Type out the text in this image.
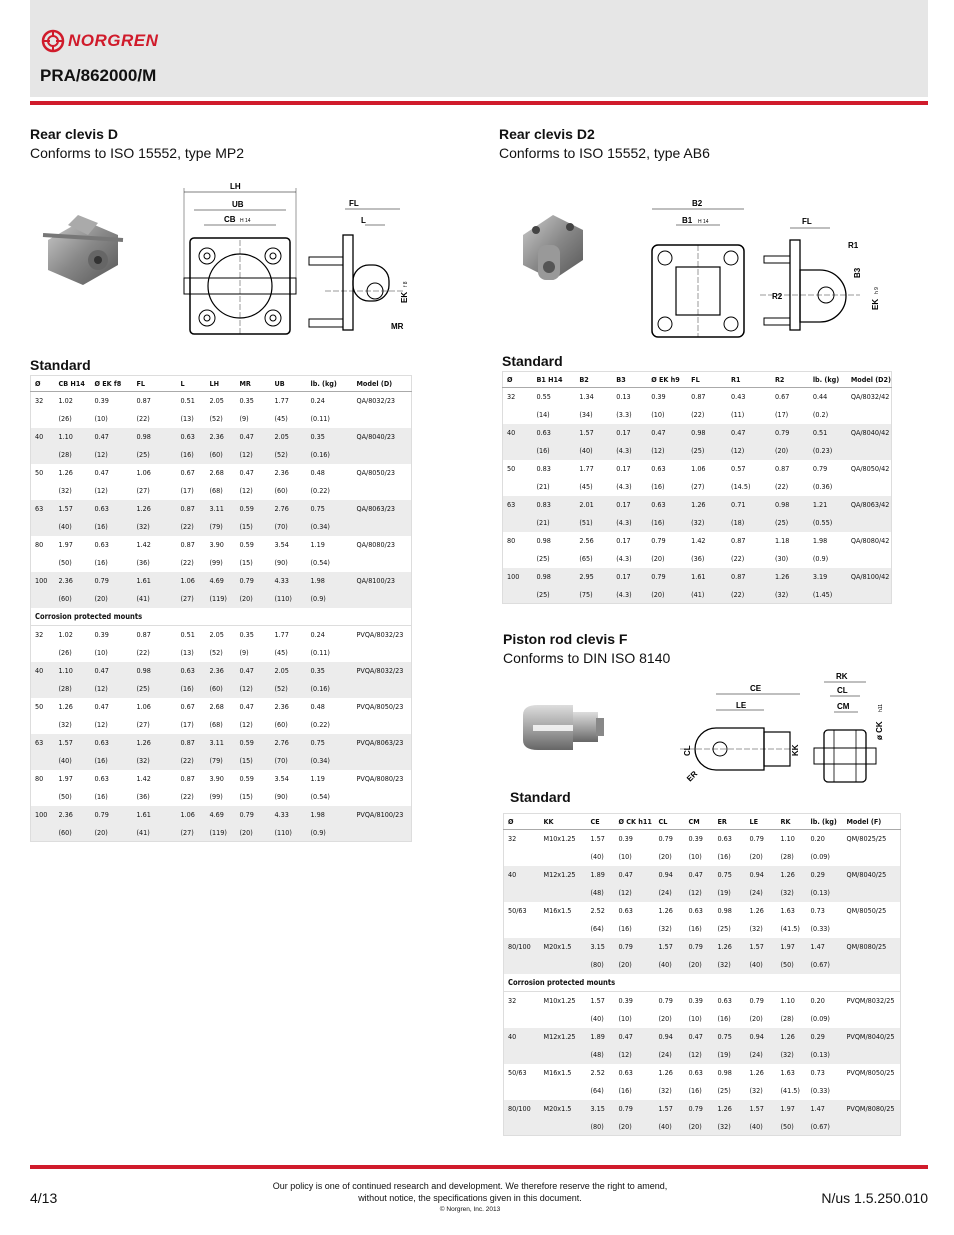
NORGREN
PRA/862000/M
Rear clevis D
Conforms to ISO 15552, type MP2
LH
UB
CB H 14
FL
L
MR
EK
f 8
Standard
Ø	CB H14	Ø EK f8	FL	L	LH	MR	UB	lb. (kg)	Model (D)
32	1.02	0.39	0.87	0.51	2.05	0.35	1.77	0.24	QA/8032/23
	(26)	(10)	(22)	(13)	(52)	(9)	(45)	(0.11)	
40	1.10	0.47	0.98	0.63	2.36	0.47	2.05	0.35	QA/8040/23
	(28)	(12)	(25)	(16)	(60)	(12)	(52)	(0.16)	
50	1.26	0.47	1.06	0.67	2.68	0.47	2.36	0.48	QA/8050/23
	(32)	(12)	(27)	(17)	(68)	(12)	(60)	(0.22)	
63	1.57	0.63	1.26	0.87	3.11	0.59	2.76	0.75	QA/8063/23
	(40)	(16)	(32)	(22)	(79)	(15)	(70)	(0.34)	
80	1.97	0.63	1.42	0.87	3.90	0.59	3.54	1.19	QA/8080/23
	(50)	(16)	(36)	(22)	(99)	(15)	(90)	(0.54)	
100	2.36	0.79	1.61	1.06	4.69	0.79	4.33	1.98	QA/8100/23
	(60)	(20)	(41)	(27)	(119)	(20)	(110)	(0.9)	
Corrosion protected mounts									
32	1.02	0.39	0.87	0.51	2.05	0.35	1.77	0.24	PVQA/8032/23
	(26)	(10)	(22)	(13)	(52)	(9)	(45)	(0.11)	
40	1.10	0.47	0.98	0.63	2.36	0.47	2.05	0.35	PVQA/8032/23
	(28)	(12)	(25)	(16)	(60)	(12)	(52)	(0.16)	
50	1.26	0.47	1.06	0.67	2.68	0.47	2.36	0.48	PVQA/8050/23
	(32)	(12)	(27)	(17)	(68)	(12)	(60)	(0.22)	
63	1.57	0.63	1.26	0.87	3.11	0.59	2.76	0.75	PVQA/8063/23
	(40)	(16)	(32)	(22)	(79)	(15)	(70)	(0.34)	
80	1.97	0.63	1.42	0.87	3.90	0.59	3.54	1.19	PVQA/8080/23
	(50)	(16)	(36)	(22)	(99)	(15)	(90)	(0.54)	
100	2.36	0.79	1.61	1.06	4.69	0.79	4.33	1.98	PVQA/8100/23
	(60)	(20)	(41)	(27)	(119)	(20)	(110)	(0.9)	
Rear clevis D2
Conforms to ISO 15552, type AB6
B2
B1 H 14
R2
FL
R1
B3
EK
h 9
Standard
Ø	B1 H14	B2	B3	Ø EK h9	FL	R1	R2	lb. (kg)	Model (D2)
32	0.55	1.34	0.13	0.39	0.87	0.43	0.67	0.44	QA/8032/42
	(14)	(34)	(3.3)	(10)	(22)	(11)	(17)	(0.2)	
40	0.63	1.57	0.17	0.47	0.98	0.47	0.79	0.51	QA/8040/42
	(16)	(40)	(4.3)	(12)	(25)	(12)	(20)	(0.23)	
50	0.83	1.77	0.17	0.63	1.06	0.57	0.87	0.79	QA/8050/42
	(21)	(45)	(4.3)	(16)	(27)	(14.5)	(22)	(0.36)	
63	0.83	2.01	0.17	0.63	1.26	0.71	0.98	1.21	QA/8063/42
	(21)	(51)	(4.3)	(16)	(32)	(18)	(25)	(0.55)	
80	0.98	2.56	0.17	0.79	1.42	0.87	1.18	1.98	QA/8080/42
	(25)	(65)	(4.3)	(20)	(36)	(22)	(30)	(0.9)	
100	0.98	2.95	0.17	0.79	1.61	0.87	1.26	3.19	QA/8100/42
	(25)	(75)	(4.3)	(20)	(41)	(22)	(32)	(1.45)	
Piston rod clevis F
Conforms to DIN ISO 8140
CE
LE
CL
ER
KK
RK
CL
CM
ø CK
h11
Standard
Ø	KK	CE	Ø CK h11	CL	CM	ER	LE	RK	lb. (kg)	Model (F)
32	M10x1.25	1.57	0.39	0.79	0.39	0.63	0.79	1.10	0.20	QM/8025/25
		(40)	(10)	(20)	(10)	(16)	(20)	(28)	(0.09)	
40	M12x1.25	1.89	0.47	0.94	0.47	0.75	0.94	1.26	0.29	QM/8040/25
		(48)	(12)	(24)	(12)	(19)	(24)	(32)	(0.13)	
50/63	M16x1.5	2.52	0.63	1.26	0.63	0.98	1.26	1.63	0.73	QM/8050/25
		(64)	(16)	(32)	(16)	(25)	(32)	(41.5)	(0.33)	
80/100	M20x1.5	3.15	0.79	1.57	0.79	1.26	1.57	1.97	1.47	QM/8080/25
		(80)	(20)	(40)	(20)	(32)	(40)	(50)	(0.67)	
Corrosion protected mounts										
32	M10x1.25	1.57	0.39	0.79	0.39	0.63	0.79	1.10	0.20	PVQM/8032/25
		(40)	(10)	(20)	(10)	(16)	(20)	(28)	(0.09)	
40	M12x1.25	1.89	0.47	0.94	0.47	0.75	0.94	1.26	0.29	PVQM/8040/25
		(48)	(12)	(24)	(12)	(19)	(24)	(32)	(0.13)	
50/63	M16x1.5	2.52	0.63	1.26	0.63	0.98	1.26	1.63	0.73	PVQM/8050/25
		(64)	(16)	(32)	(16)	(25)	(32)	(41.5)	(0.33)	
80/100	M20x1.5	3.15	0.79	1.57	0.79	1.26	1.57	1.97	1.47	PVQM/8080/25
		(80)	(20)	(40)	(20)	(32)	(40)	(50)	(0.67)	
Our policy is one of continued research and development. We therefore reserve the right to amend,
without notice, the specifications given in this document.
© Norgren, Inc. 2013
4/13	N/us 1.5.250.010
